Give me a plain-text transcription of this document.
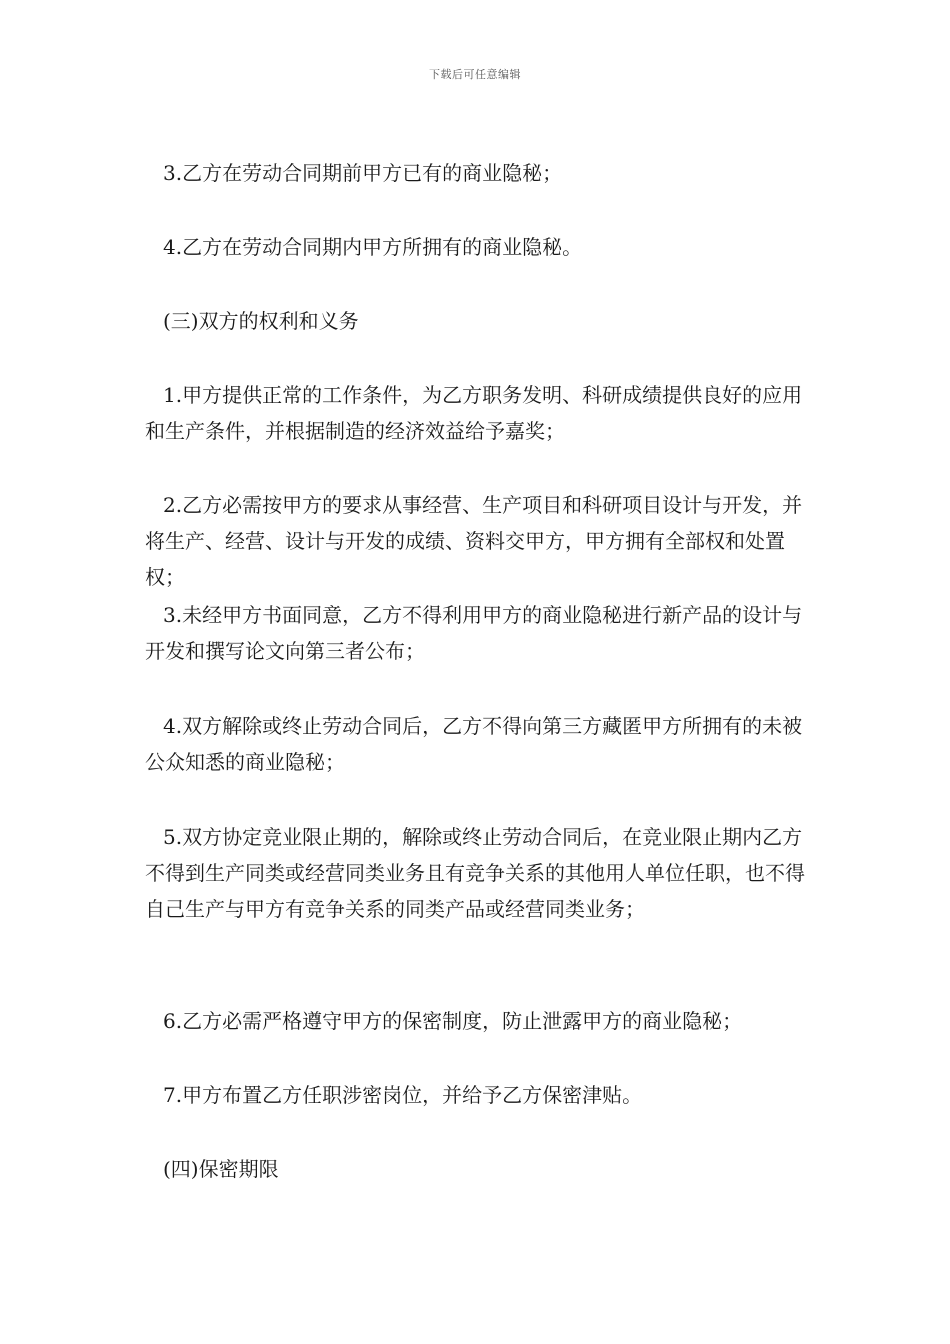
下载后可任意编辑
3.乙方在劳动合同期前甲方已有的商业隐秘；
4.乙方在劳动合同期内甲方所拥有的商业隐秘。
(三)双方的权利和义务
1.甲方提供正常的工作条件，为乙方职务发明、科研成绩提供良好的应用和生产条件，并根据制造的经济效益给予嘉奖；
2.乙方必需按甲方的要求从事经营、生产项目和科研项目设计与开发，并将生产、经营、设计与开发的成绩、资料交甲方，甲方拥有全部权和处置权；
3.未经甲方书面同意，乙方不得利用甲方的商业隐秘进行新产品的设计与开发和撰写论文向第三者公布；
4.双方解除或终止劳动合同后，乙方不得向第三方藏匿甲方所拥有的未被公众知悉的商业隐秘；
5.双方协定竞业限止期的，解除或终止劳动合同后，在竞业限止期内乙方不得到生产同类或经营同类业务且有竞争关系的其他用人单位任职，也不得自己生产与甲方有竞争关系的同类产品或经营同类业务；
6.乙方必需严格遵守甲方的保密制度，防止泄露甲方的商业隐秘；
7.甲方布置乙方任职涉密岗位，并给予乙方保密津贴。
(四)保密期限
